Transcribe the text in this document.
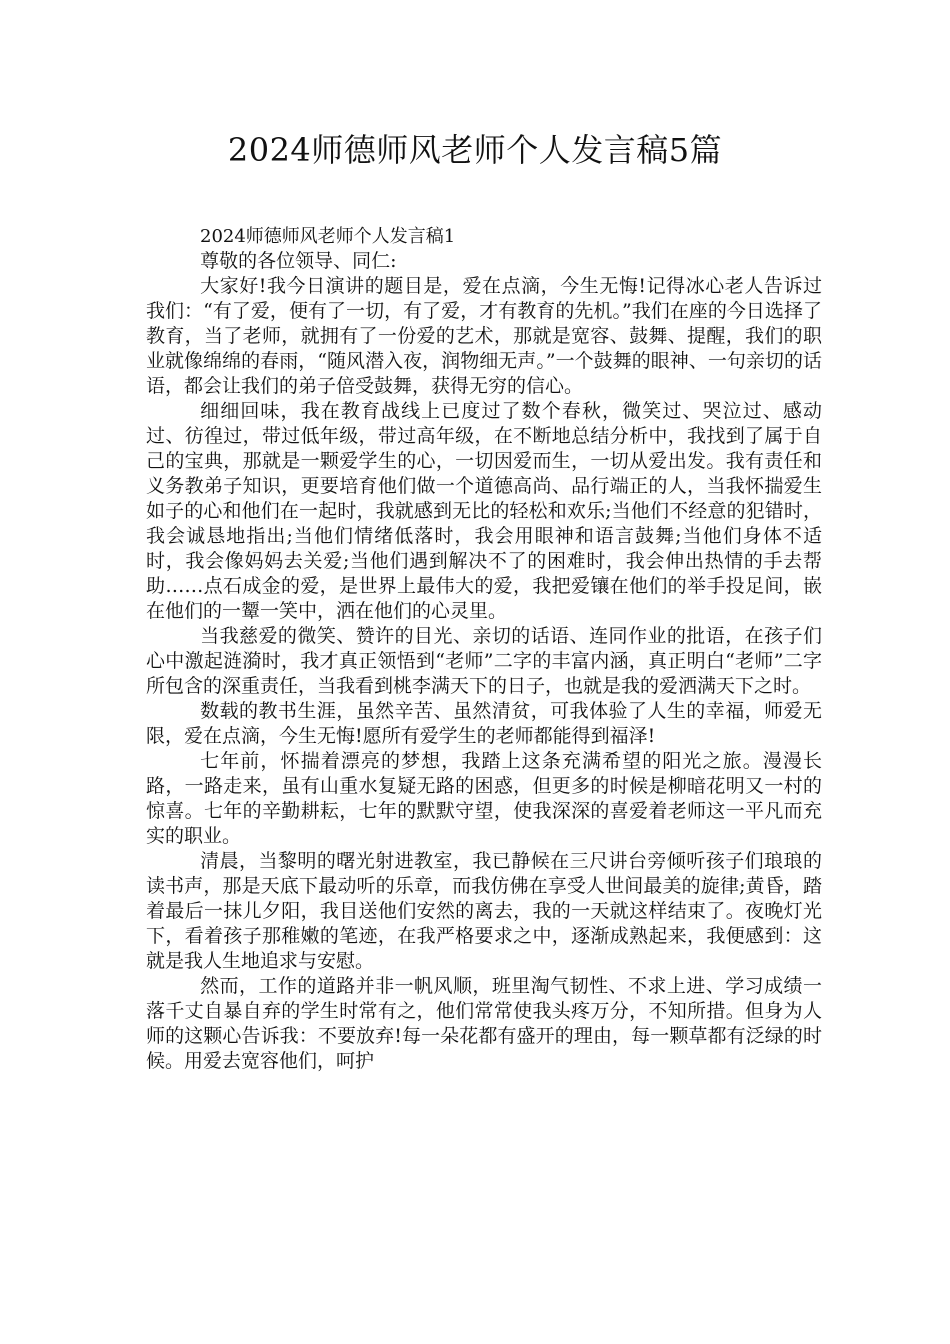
2024师德师风老师个人发言稿5篇

2024师德师风老师个人发言稿1

尊敬的各位领导、同仁:

大家好!我今日演讲的题目是，爱在点滴，今生无悔!记得冰心老人告诉过我们：“有了爱，便有了一切，有了爱，才有教育的先机。”我们在座的今日选择了教育，当了老师，就拥有了一份爱的艺术，那就是宽容、鼓舞、提醒，我们的职业就像绵绵的春雨，“随风潜入夜，润物细无声。”一个鼓舞的眼神、一句亲切的话语，都会让我们的弟子倍受鼓舞，获得无穷的信心。

细细回味，我在教育战线上已度过了数个春秋，微笑过、哭泣过、感动过、彷徨过，带过低年级，带过高年级，在不断地总结分析中，我找到了属于自己的宝典，那就是一颗爱学生的心，一切因爱而生，一切从爱出发。我有责任和义务教弟子知识，更要培育他们做一个道德高尚、品行端正的人，当我怀揣爱生如子的心和他们在一起时，我就感到无比的轻松和欢乐;当他们不经意的犯错时，我会诚恳地指出;当他们情绪低落时，我会用眼神和语言鼓舞;当他们身体不适时，我会像妈妈去关爱;当他们遇到解决不了的困难时，我会伸出热情的手去帮助……点石成金的爱，是世界上最伟大的爱，我把爱镶在他们的举手投足间，嵌在他们的一颦一笑中，洒在他们的心灵里。

当我慈爱的微笑、赞许的目光、亲切的话语、连同作业的批语，在孩子们心中激起涟漪时，我才真正领悟到“老师”二字的丰富内涵，真正明白“老师”二字所包含的深重责任，当我看到桃李满天下的日子，也就是我的爱洒满天下之时。

数载的教书生涯，虽然辛苦、虽然清贫，可我体验了人生的幸福，师爱无限，爱在点滴，今生无悔!愿所有爱学生的老师都能得到福泽!

七年前，怀揣着漂亮的梦想，我踏上这条充满希望的阳光之旅。漫漫长路，一路走来，虽有山重水复疑无路的困惑，但更多的时候是柳暗花明又一村的惊喜。七年的辛勤耕耘，七年的默默守望，使我深深的喜爱着老师这一平凡而充实的职业。

清晨，当黎明的曙光射进教室，我已静候在三尺讲台旁倾听孩子们琅琅的读书声，那是天底下最动听的乐章，而我仿佛在享受人世间最美的旋律;黄昏，踏着最后一抹儿夕阳，我目送他们安然的离去，我的一天就这样结束了。夜晚灯光下，看着孩子那稚嫩的笔迹，在我严格要求之中，逐渐成熟起来，我便感到：这就是我人生地追求与安慰。

然而，工作的道路并非一帆风顺，班里淘气韧性、不求上进、学习成绩一落千丈自暴自弃的学生时常有之，他们常常使我头疼万分，不知所措。但身为人师的这颗心告诉我：不要放弃!每一朵花都有盛开的理由，每一颗草都有泛绿的时候。用爱去宽容他们，呵护
